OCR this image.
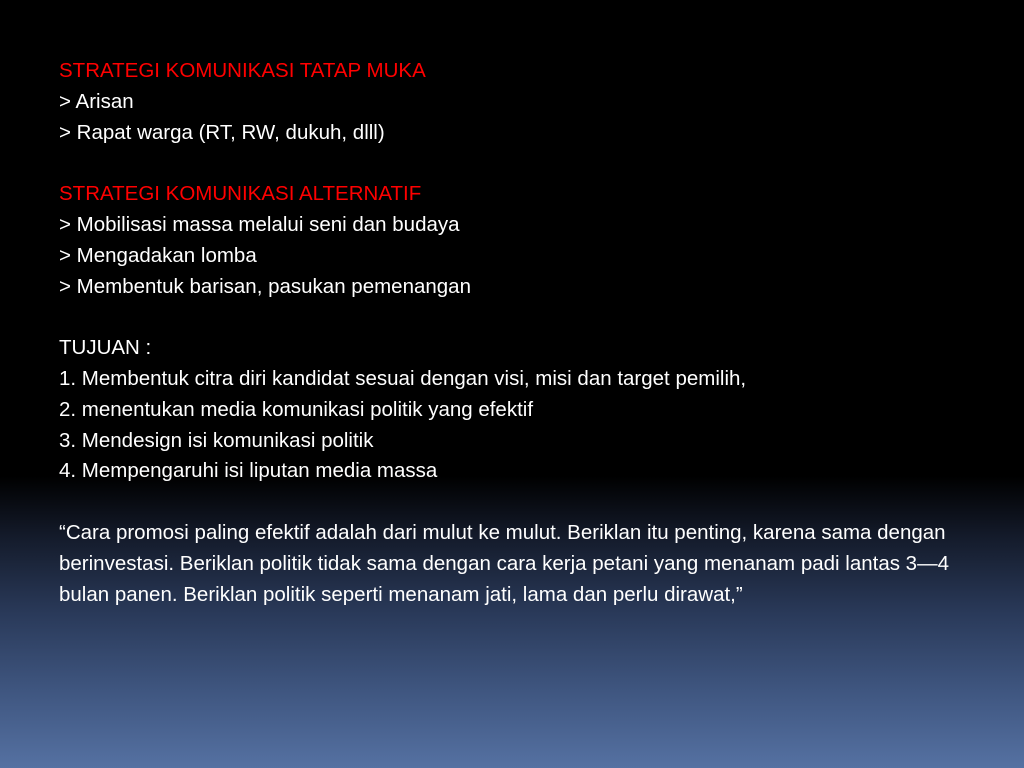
STRATEGI KOMUNIKASI TATAP MUKA
> Arisan
> Rapat warga (RT, RW, dukuh, dlll)
STRATEGI KOMUNIKASI ALTERNATIF
> Mobilisasi massa melalui seni dan budaya
> Mengadakan lomba
> Membentuk barisan, pasukan pemenangan
TUJUAN :
1. Membentuk citra diri kandidat sesuai dengan visi, misi dan target pemilih,
2. menentukan media komunikasi politik yang efektif
3. Mendesign isi komunikasi politik
4. Mempengaruhi isi liputan media massa
“Cara promosi paling efektif adalah dari mulut ke mulut. Beriklan itu penting, karena sama dengan berinvestasi. Beriklan politik tidak sama dengan cara kerja petani yang menanam padi lantas 3—4 bulan panen. Beriklan politik seperti menanam jati, lama dan perlu dirawat,”
